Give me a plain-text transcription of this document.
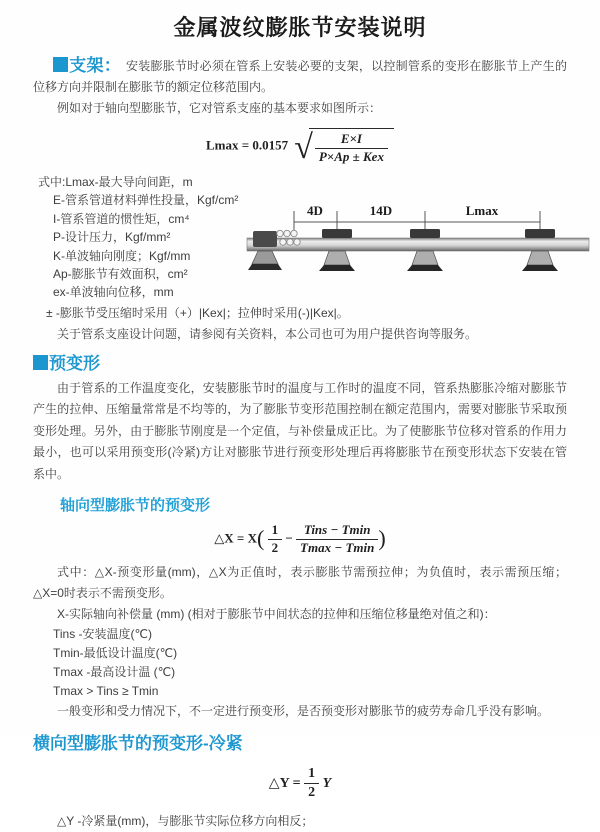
金属波纹膨胀节安装说明

支架： 安装膨胀节时必须在管系上安装必要的支架，以控制管系的变形在膨胀节上产生的位移方向并限制在膨胀节的额定位移范围内。

例如对于轴向型膨胀节，它对管系支座的基本要求如图所示：

Lmax = 0.0157 √ $\frac{E\times I}{\text{P×Ap ± Kex}}$
式中:Lmax-最大导向间距，m
E-管系管道材料弹性投量，Kgf/cm²
I-管系管道的惯性矩，cm⁴
P-设计压力，Kgf/mm²
K-单波轴向刚度；Kgf/mm
Ap-膨胀节有效面积，cm²
ex-单波轴向位移，mm
4D	14D	Lmax
± -膨胀节受压缩时采用（+）|Kex|；拉伸时采用(-)|Kex|。

关于管系支座设计问题，请参阅有关资料，本公司也可为用户提供咨询等服务。

预变形

由于管系的工作温度变化，安装膨胀节时的温度与工作时的温度不同，管系热膨胀冷缩对膨胀节产生的拉伸、压缩量常常是不均等的，为了膨胀节变形范围控制在额定范围内，需要对膨胀节采取预变形处理。另外，由于膨胀节刚度是一个定值，与补偿量成正比。为了使膨胀节位移对管系的作用力最小，也可以采用预变形(冷紧)方让对膨胀节进行预变形处理后再将膨胀节在预变形状态下安装在管系中。

轴向型膨胀节的预变形
△X = $X( \frac{1}{2} - \frac{\text{Tins − Tmin}}{Tmax - Tmin}$ )

式中：△X-预变形量(mm)，△X为正值时，表示膨胀节需预拉伸；为负值时，表示需预压缩；△X=0时表示不需预变形。

X-实际轴向补偿量 (mm) (相对于膨胀节中间状态的拉伸和压缩位移量绝对值之和)：

Tins -安装温度(℃)
Tmin-最低设计温度(℃)
Tmax -最高设计温 (℃)
Tmax > Tins ≥ Tmin

一般变形和受力情况下，不一定进行预变形，是否预变形对膨胀节的疲劳寿命几乎没有影响。

横向型膨胀节的预变形-冷紧
△Y = $\frac{1}{2}$ Y

△Y -冷紧量(mm)，与膨胀节实际位移方向相反；
